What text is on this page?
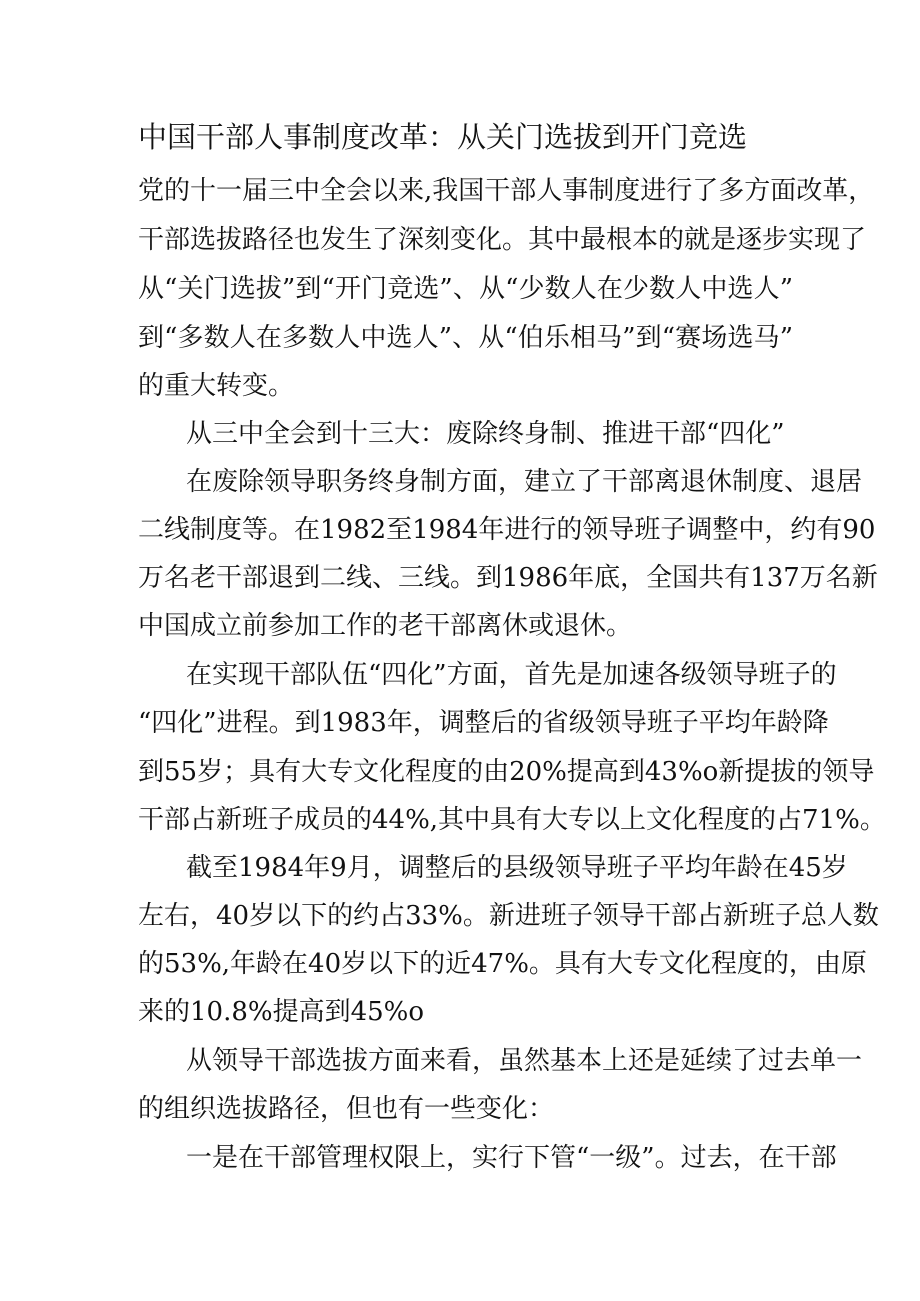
中国干部人事制度改革：从关门选拔到开门竞选
党的十一届三中全会以来,我国干部人事制度进行了多方面改革，
干部选拔路径也发生了深刻变化。其中最根本的就是逐步实现了
从“关门选拔”到“开门竞选”、从“少数人在少数人中选人”
到“多数人在多数人中选人”、从“伯乐相马”到“赛场选马”
的重大转变。
从三中全会到十三大：废除终身制、推进干部“四化”
在废除领导职务终身制方面，建立了干部离退休制度、退居
二线制度等。在1982至1984年进行的领导班子调整中，约有90
万名老干部退到二线、三线。到1986年底，全国共有137万名新
中国成立前参加工作的老干部离休或退休。
在实现干部队伍“四化”方面，首先是加速各级领导班子的
“四化”进程。到1983年，调整后的省级领导班子平均年龄降
到55岁；具有大专文化程度的由20%提高到43%o新提拔的领导
干部占新班子成员的44%,其中具有大专以上文化程度的占71%。
截至1984年9月，调整后的县级领导班子平均年龄在45岁
左右，40岁以下的约占33%。新进班子领导干部占新班子总人数
的53%,年龄在40岁以下的近47%。具有大专文化程度的，由原
来的10.8%提高到45%o
从领导干部选拔方面来看，虽然基本上还是延续了过去单一
的组织选拔路径，但也有一些变化：
一是在干部管理权限上，实行下管“一级”。过去，在干部
